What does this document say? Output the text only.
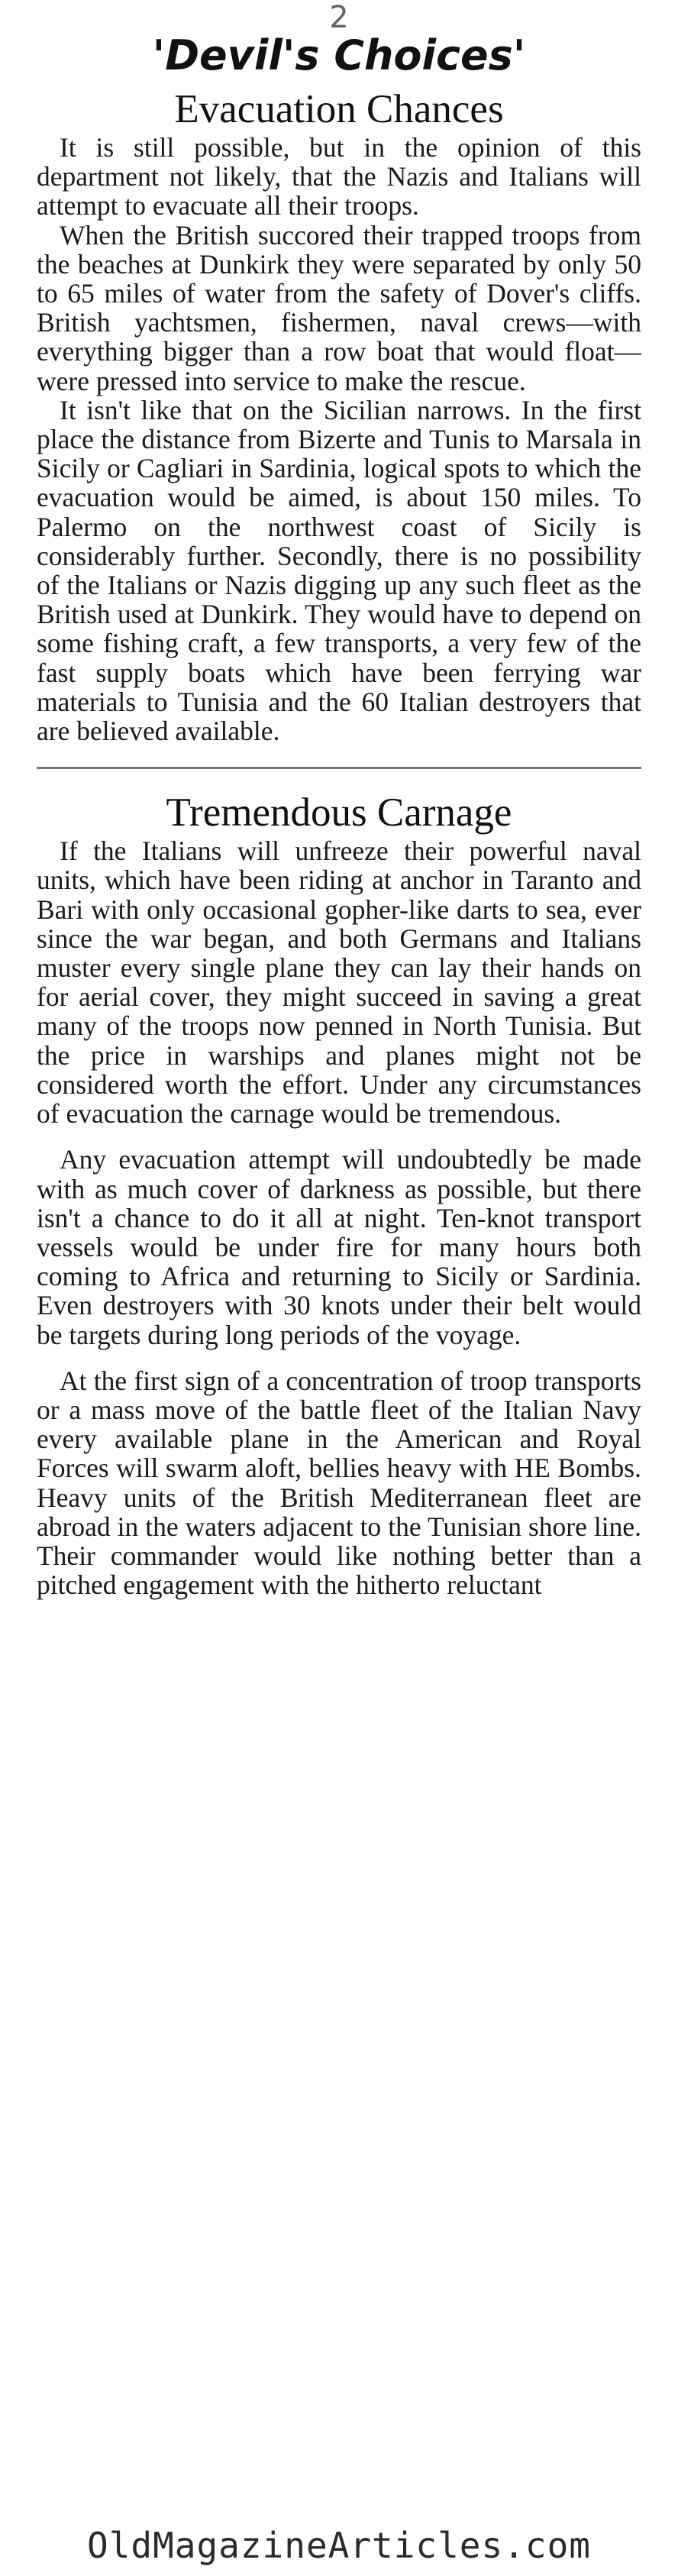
2
'Devil's Choices'
Evacuation Chances

It is still possible, but in the opinion of this department not likely, that the Nazis and Italians will attempt to evacuate all their troops.

When the British succored their trapped troops from the beaches at Dunkirk they were separated by only 50 to 65 miles of water from the safety of Dover's cliffs. British yachtsmen, fishermen, naval crews—with everything bigger than a row boat that would float—were pressed into service to make the rescue.

It isn't like that on the Sicilian narrows. In the first place the distance from Bizerte and Tunis to Marsala in Sicily or Cagliari in Sardinia, logical spots to which the evacuation would be aimed, is about 150 miles. To Palermo on the northwest coast of Sicily is considerably further. Secondly, there is no possibility of the Italians or Nazis digging up any such fleet as the British used at Dunkirk. They would have to depend on some fishing craft, a few transports, a very few of the fast supply boats which have been ferrying war materials to Tunisia and the 60 Italian destroyers that are believed available.

Tremendous Carnage

If the Italians will unfreeze their powerful naval units, which have been riding at anchor in Taranto and Bari with only occasional gopher-like darts to sea, ever since the war began, and both Germans and Italians muster every single plane they can lay their hands on for aerial cover, they might succeed in saving a great many of the troops now penned in North Tunisia. But the price in warships and planes might not be considered worth the effort. Under any circumstances of evacuation the carnage would be tremendous.

Any evacuation attempt will undoubtedly be made with as much cover of darkness as possible, but there isn't a chance to do it all at night. Ten-knot transport vessels would be under fire for many hours both coming to Africa and returning to Sicily or Sardinia. Even destroyers with 30 knots under their belt would be targets during long periods of the voyage.

At the first sign of a concentration of troop transports or a mass move of the battle fleet of the Italian Navy every available plane in the American and Royal Forces will swarm aloft, bellies heavy with HE Bombs. Heavy units of the British Mediterranean fleet are abroad in the waters adjacent to the Tunisian shore line. Their commander would like nothing better than a pitched engagement with the hitherto reluctant

OldMagazineArticles.com
